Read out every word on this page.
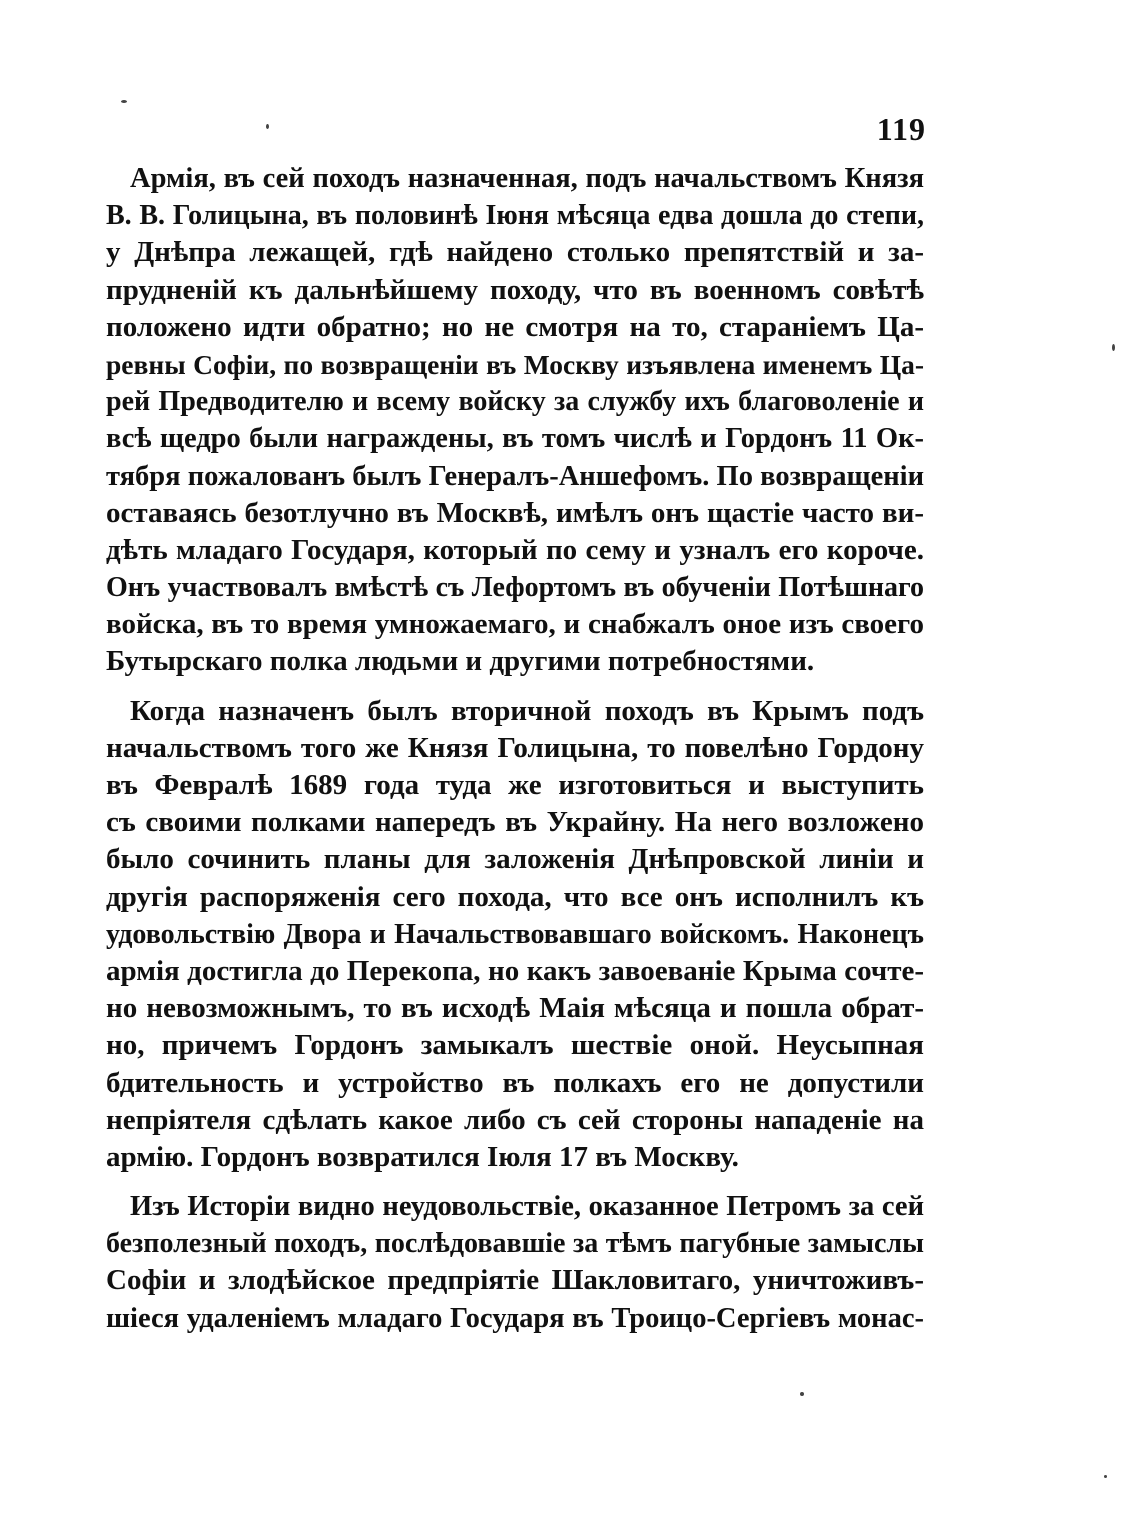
119
Армія, въ сей походъ назначенная, подъ начальствомъ Князя
В. В. Голицына, въ половинѣ Іюня мѣсяца едва дошла до степи,
у Днѣпра лежащей, гдѣ найдено столько препятствій и за-
прудненій къ дальнѣйшему походу, что въ военномъ совѣтѣ
положено идти обратно; но не смотря на то, стараніемъ Ца-
ревны Софіи, по возвращеніи въ Москву изъявлена именемъ Ца-
рей Предводителю и всему войску за службу ихъ благоволеніе и
всѣ щедро были награждены, въ томъ числѣ и Гордонъ 11 Ок-
тября пожалованъ былъ Генералъ-Аншефомъ. По возвращеніи
оставаясь безотлучно въ Москвѣ, имѣлъ онъ щастіе часто ви-
дѣть младаго Государя, который по сему и узналъ его короче.
Онъ участвовалъ вмѣстѣ съ Лефортомъ въ обученіи Потѣшнаго
войска, въ то время умножаемаго, и снабжалъ оное изъ своего
Бутырскаго полка людьми и другими потребностями.
Когда назначенъ былъ вторичной походъ въ Крымъ подъ
начальствомъ того же Князя Голицына, то повелѣно Гордону
въ Февралѣ 1689 года туда же изготовиться и выступить
съ своими полками напередъ въ Украйну. На него возложено
было сочинить планы для заложенія Днѣпровской линіи и
другія распоряженія сего похода, что все онъ исполнилъ къ
удовольствію Двора и Начальствовавшаго войскомъ. Наконецъ
армія достигла до Перекопа, но какъ завоеваніе Крыма сочте-
но невозможнымъ, то въ исходѣ Маія мѣсяца и пошла обрат-
но, причемъ Гордонъ замыкалъ шествіе оной. Неусыпная
бдительность и устройство въ полкахъ его не допустили
непріятеля сдѣлать какое либо съ сей стороны нападеніе на
армію. Гордонъ возвратился Іюля 17 въ Москву.
Изъ Исторіи видно неудовольствіе, оказанное Петромъ за сей
безполезный походъ, послѣдовавшіе за тѣмъ пагубные замыслы
Софіи и злодѣйское предпріятіе Шакловитаго, уничтоживъ-
шіеся удаленіемъ младаго Государя въ Троицо-Сергіевъ монас-
